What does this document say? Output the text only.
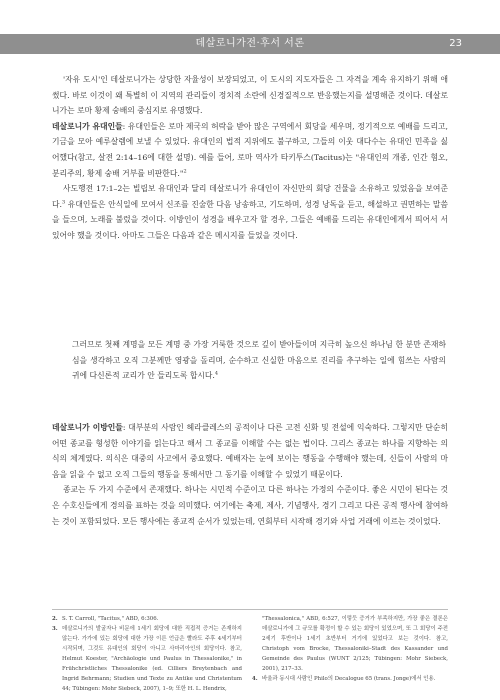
데살로니가전‧후서 서론	23

'자유 도시'인 데살로니가는 상당한 자율성이 보장되었고, 이 도시의 지도자들은 그 자격을 계속 유지하기 위해 애썼다. 바로 이것이 왜 특별히 이 지역의 관리들이 정치적 소란에 신경질적으로 반응했는지를 설명해준 것이다. 데살로니가는 로마 황제 숭배의 중심지로 유명했다.

데살로니가 유대인들: 유대인들은 로마 제국의 허락을 받아 많은 구역에서 회당을 세우며, 정기적으로 예배를 드리고, 기금을 모아 예루살렘에 보낼 수 있었다. 유대인의 법적 지위에도 불구하고, 그들의 이웃 대다수는 유대인 민족을 싫어했다(참고, 살전 2:14–16에 대한 설명). 예를 들어, 로마 역사가 타키투스(Tacitus)는 "유대인의 개종, 인간 혐오, 분리주의, 황제 숭배 거부를 비판한다."$^2$

사도행전 17:1–2는 빌립보 유대인과 달리 데살로니가 유대인이 자신만의 회당 건물을 소유하고 있었음을 보여준다.$^3$ 유대인들은 안식일에 모여서 신조를 진술한 다음 낭송하고, 기도하며, 성경 낭독을 듣고, 해설하고 권면하는 말씀을 들으며, 노래를 불렀을 것이다. 이방인이 성경을 배우고자 할 경우, 그들은 예배를 드리는 유대인에게서 띄어서 서 있어야 했을 것이다. 아마도 그들은 다음과 같은 메시지를 들었을 것이다.

그러므로 첫째 계명을 모든 계명 중 가장 거룩한 것으로 깊이 받아들이며 지극히 높으신 하나님 한 분만 존재하심을 생각하고 오직 그분께만 영광을 돌리며, 순수하고 신실한 마음으로 진리를 추구하는 일에 힘쓰는 사람의 귀에 다신론적 교리가 안 들리도록 합시다.$^4$

데살로니가 이방인들: 대부분의 사람인 헤라클레스의 공적이나 다른 고전 신화 및 전설에 익숙하다. 그렇지만 단순히 어떤 종교를 형성한 이야기를 읽는다고 해서 그 종교를 이해할 수는 없는 법이다. 그리스 종교는 하나를 지향하는 의식의 체계였다. 의식은 대중의 사고에서 중요했다. 예배자는 눈에 보이는 행동을 수행해야 했는데, 신들이 사람의 마음을 읽을 수 없고 오직 그들의 행동을 통해서만 그 동기를 이해할 수 있었기 때문이다.

종교는 두 가지 수준에서 존재했다. 하나는 시민적 수준이고 다른 하나는 가정의 수준이다. 좋은 시민이 된다는 것은 수호신들에게 경의를 표하는 것을 의미했다. 여기에는 축제, 제사, 기념행사, 경기 그리고 다른 공적 행사에 참여하는 것이 포함되었다. 모든 행사에는 종교적 순서가 있었는데, 연회부터 시작해 경기와 사업 거래에 이르는 것이었다.

2. S. T. Carroll, "Tacitus," ABD, 6:306.
3. 데살로니가의 발굴자나 비문에 1세기 회당에 대한 직접적 증거는 존재하지 않는다. 가가에 있는 회당에 대한 가장 이른 언급은 빨라도 주후 4세기부터 시작되며, 그것도 유대인의 회당이 아니고 사마리아인의 회당이다. 참고, Helmut Koester, "Archäologie und Paulus in Thessalonike," in Frühchristliches Thessalonike (ed. Cilliers Breytenbach and Ingrid Behrmann; Studien und Texte zu Antike und Christentum 44; Tübingen: Mohr Siebeck, 2007), 1–9; 또한 H. L. Hendrix,
"Thessalonica," ABD, 6:527, 이렇듯 증거가 부족하지만, 가장 좋은 결론은 데살로니가에 그 규모를 확정이 할 수 있는 회당이 있었으며, 또 그 회당이 주전 2세기 후반이나 1세기 초반부터 거기에 있었다고 보는 것이다. 참고, Christoph vom Brocke, Thessaloniki–Stadt des Kassander und Gemeinde des Paulus (WUNT 2/125; Tübingen: Mohr Siebeck, 2001), 217–33.
4. 바울과 동시대 사람인 Philo의 Decalogue 65 (trans. Jonge)에서 인용.
